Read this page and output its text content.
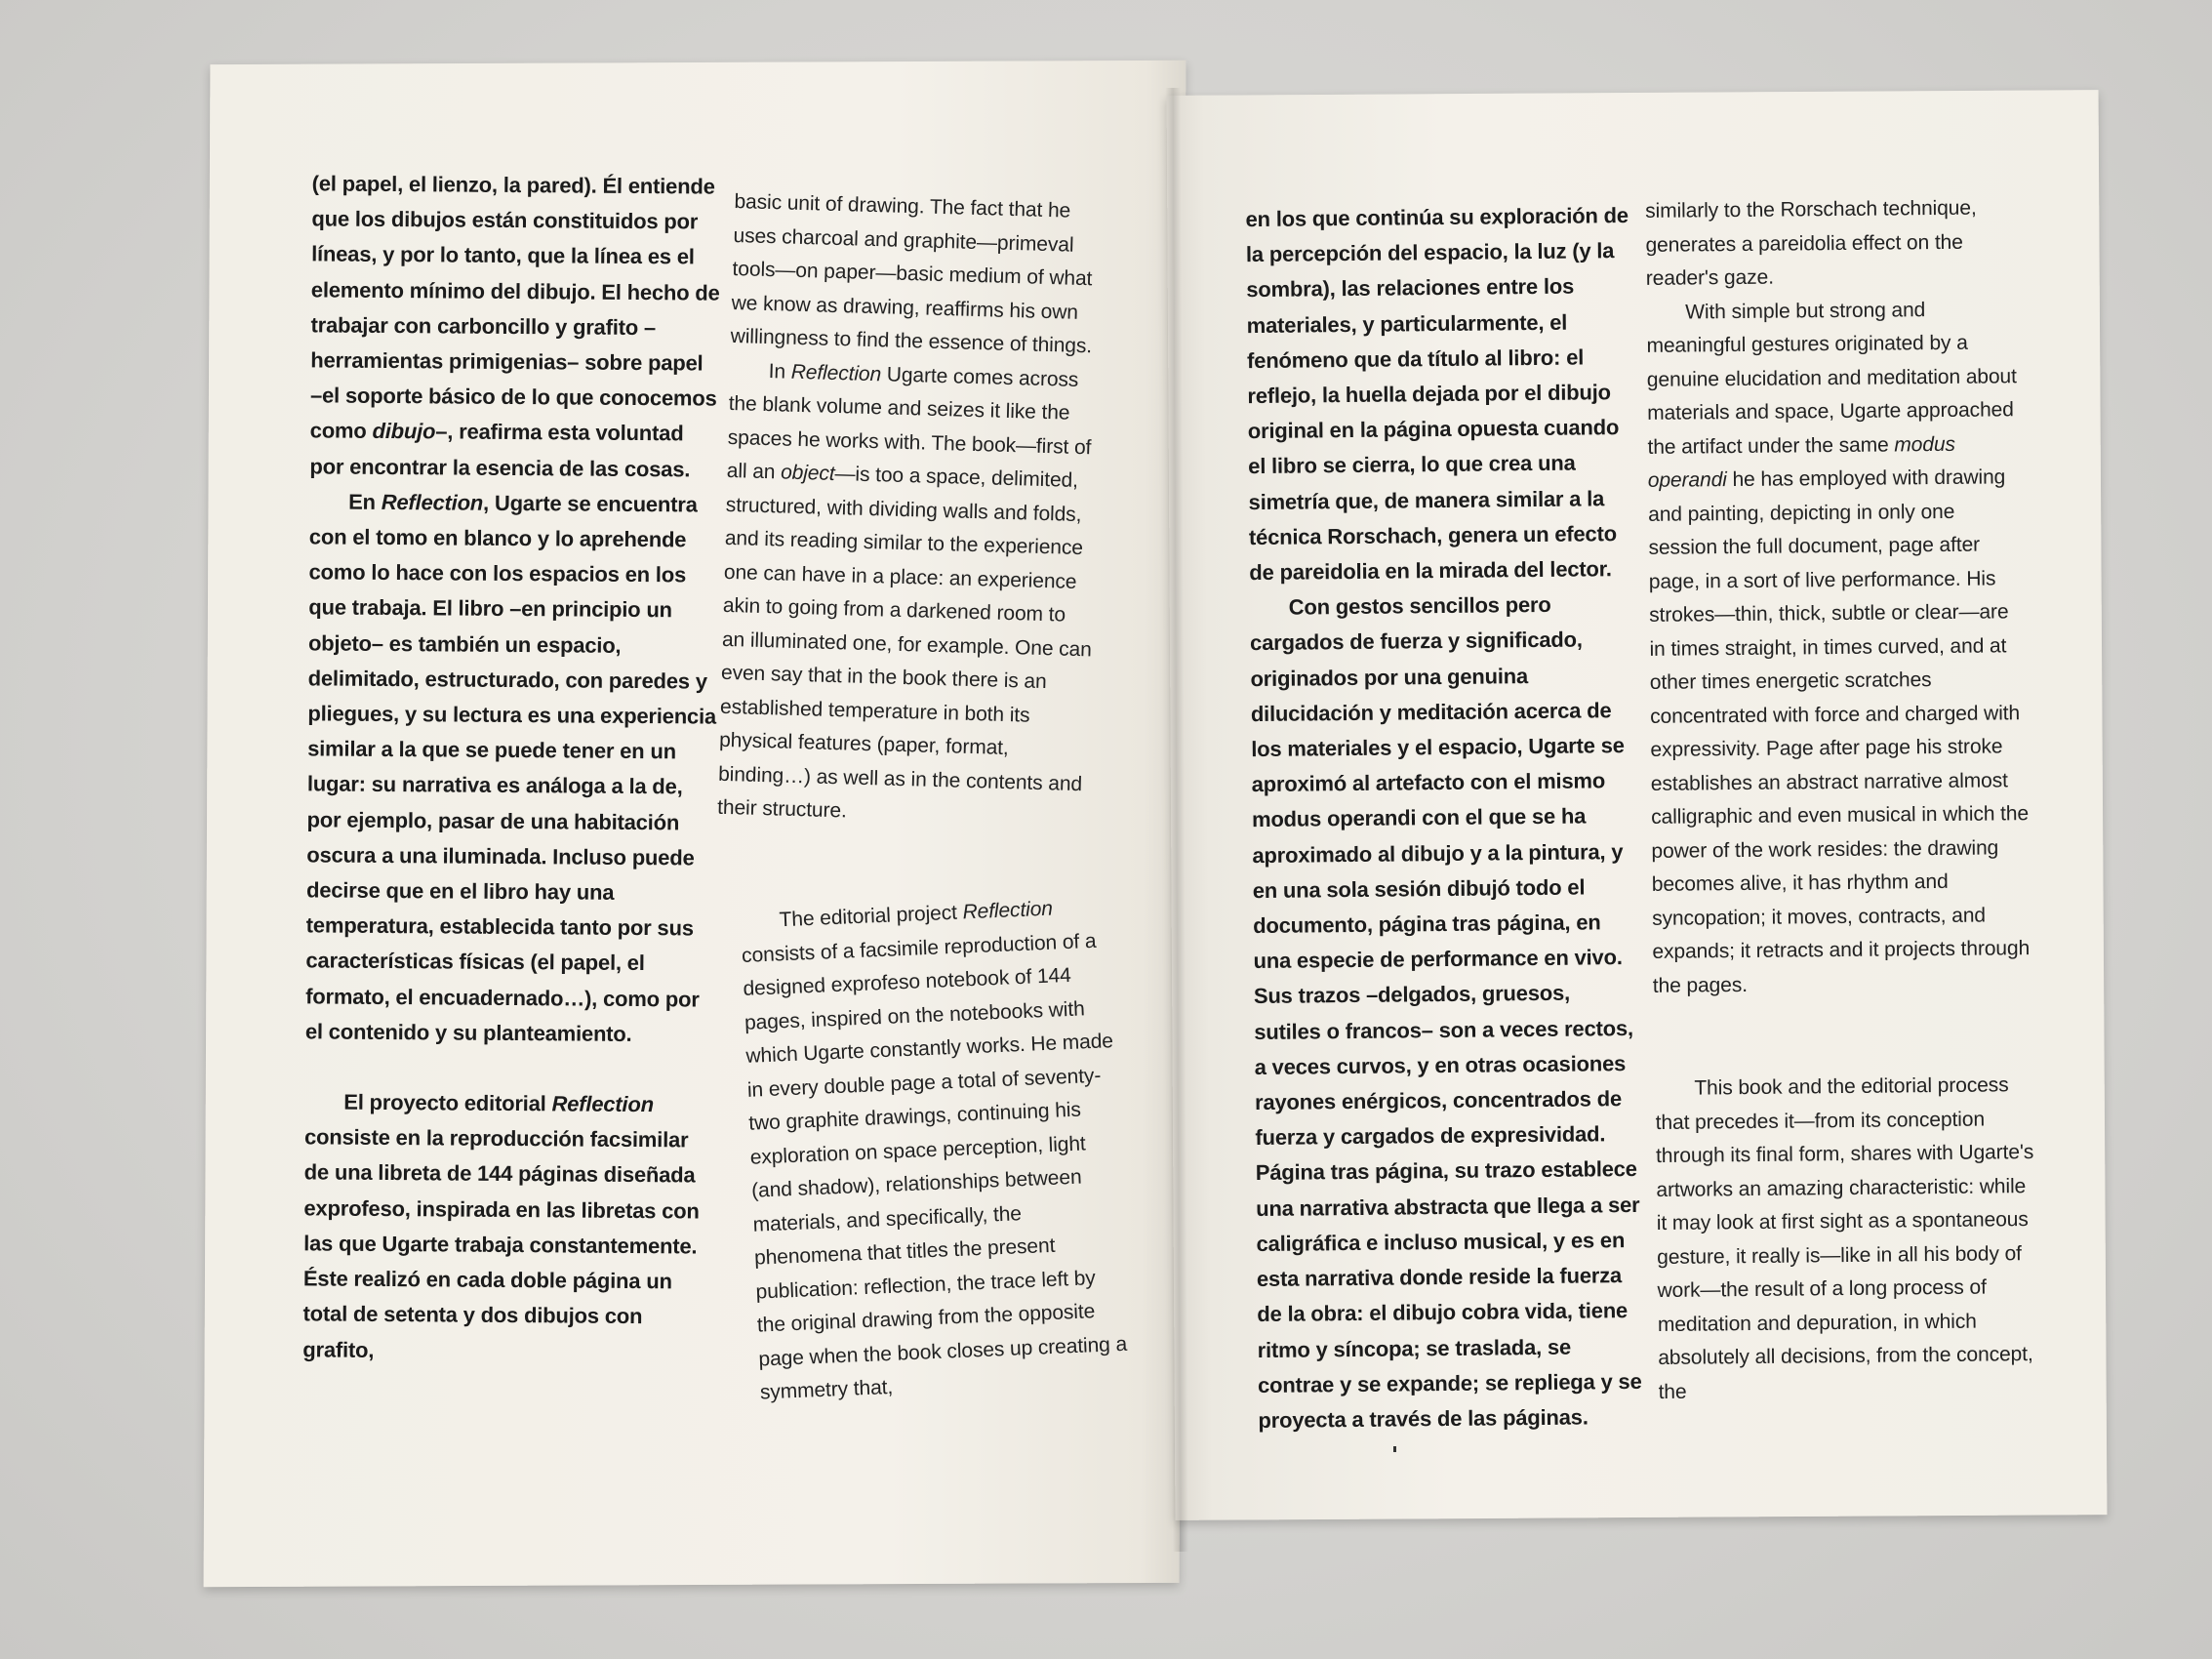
(el papel, el lienzo, la pared). Él entiende que los dibujos están constituidos por líneas, y por lo tanto, que la línea es el elemento mínimo del dibujo. El hecho de trabajar con carboncillo y grafito –herramientas primigenias– sobre papel –el soporte básico de lo que conocemos como dibujo–, reafirma esta voluntad por encontrar la esencia de las cosas.

En Reflection, Ugarte se encuentra con el tomo en blanco y lo aprehende como lo hace con los espacios en los que trabaja. El libro –en principio un objeto– es también un espacio, delimitado, estructurado, con paredes y pliegues, y su lectura es una experiencia similar a la que se puede tener en un lugar: su narrativa es análoga a la de, por ejemplo, pasar de una habitación oscura a una iluminada. Incluso puede decirse que en el libro hay una temperatura, establecida tanto por sus características físicas (el papel, el formato, el encuadernado…), como por el contenido y su planteamiento.

El proyecto editorial Reflection consiste en la reproducción facsimilar de una libreta de 144 páginas diseñada exprofeso, inspirada en las libretas con las que Ugarte trabaja constantemente. Éste realizó en cada doble página un total de setenta y dos dibujos con grafito,

basic unit of drawing. The fact that he uses charcoal and graphite—primeval tools—on paper—basic medium of what we know as drawing, reaffirms his own willingness to find the essence of things.

In Reflection Ugarte comes across the blank volume and seizes it like the spaces he works with. The book—first of all an object—is too a space, delimited, structured, with dividing walls and folds, and its reading similar to the experience one can have in a place: an experience akin to going from a darkened room to an illuminated one, for example. One can even say that in the book there is an established temperature in both its physical features (paper, format, binding…) as well as in the contents and their structure.

The editorial project Reflection consists of a facsimile reproduction of a designed exprofeso notebook of 144 pages, inspired on the notebooks with which Ugarte constantly works. He made in every double page a total of seventy-two graphite drawings, continuing his exploration on space perception, light (and shadow), relationships between materials, and specifically, the phenomena that titles the present publication: reflection, the trace left by the original drawing from the opposite page when the book closes up creating a symmetry that,

en los que continúa su exploración de la percepción del espacio, la luz (y la sombra), las relaciones entre los materiales, y particularmente, el fenómeno que da título al libro: el reflejo, la huella dejada por el dibujo original en la página opuesta cuando el libro se cierra, lo que crea una simetría que, de manera similar a la técnica Rorschach, genera un efecto de pareidolia en la mirada del lector.

Con gestos sencillos pero cargados de fuerza y significado, originados por una genuina dilucidación y meditación acerca de los materiales y el espacio, Ugarte se aproximó al artefacto con el mismo modus operandi con el que se ha aproximado al dibujo y a la pintura, y en una sola sesión dibujó todo el documento, página tras página, en una especie de performance en vivo. Sus trazos –delgados, gruesos, sutiles o francos– son a veces rectos, a veces curvos, y en otras ocasiones rayones enérgicos, concentrados de fuerza y cargados de expresividad. Página tras página, su trazo establece una narrativa abstracta que llega a ser caligráfica e incluso musical, y es en esta narrativa donde reside la fuerza de la obra: el dibujo cobra vida, tiene ritmo y síncopa; se traslada, se contrae y se expande; se repliega y se proyecta a través de las páginas.

similarly to the Rorschach technique, generates a pareidolia effect on the reader's gaze.

With simple but strong and meaningful gestures originated by a genuine elucidation and meditation about materials and space, Ugarte approached the artifact under the same modus operandi he has employed with drawing and painting, depicting in only one session the full document, page after page, in a sort of live performance. His strokes—thin, thick, subtle or clear—are in times straight, in times curved, and at other times energetic scratches concentrated with force and charged with expressivity. Page after page his stroke establishes an abstract narrative almost calligraphic and even musical in which the power of the work resides: the drawing becomes alive, it has rhythm and syncopation; it moves, contracts, and expands; it retracts and it projects through the pages.

This book and the editorial process that precedes it—from its conception through its final form, shares with Ugarte's artworks an amazing characteristic: while it may look at first sight as a spontaneous gesture, it really is—like in all his body of work—the result of a long process of meditation and depuration, in which absolutely all decisions, from the concept, the
